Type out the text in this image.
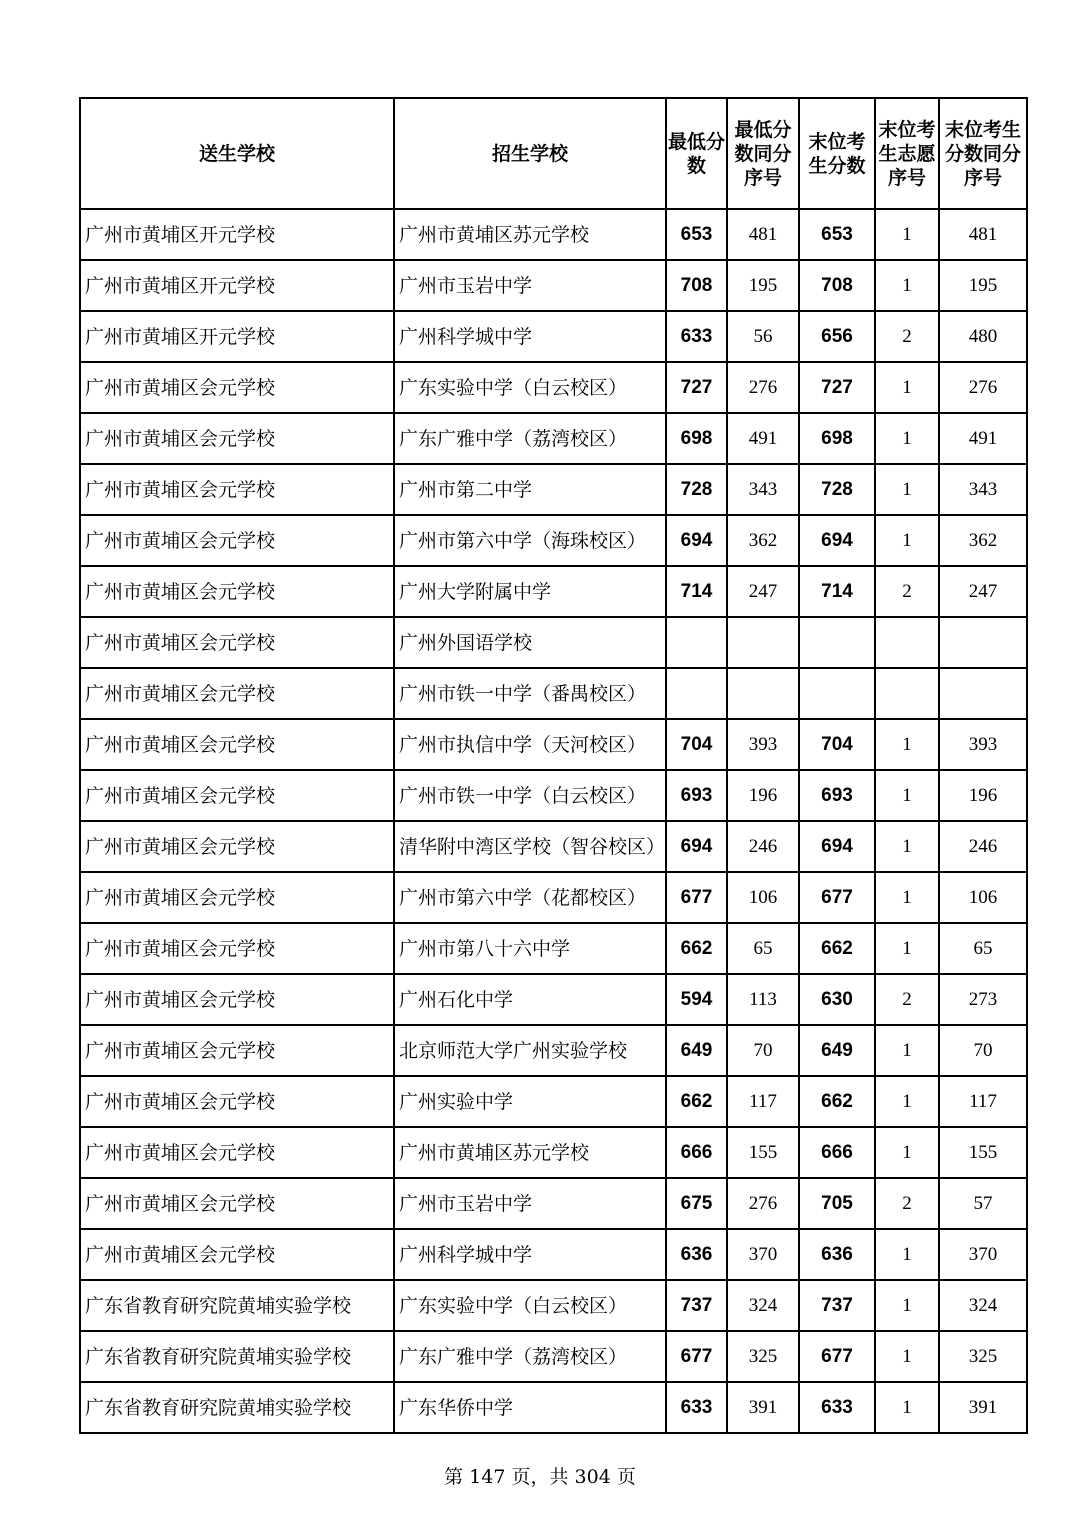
送生学校	招生学校	最低分数	最低分数同分序号	末位考生分数	末位考生志愿序号	末位考生分数同分序号
广州市黄埔区开元学校	广州市黄埔区苏元学校	653	481	653	1	481
广州市黄埔区开元学校	广州市玉岩中学	708	195	708	1	195
广州市黄埔区开元学校	广州科学城中学	633	56	656	2	480
广州市黄埔区会元学校	广东实验中学（白云校区）	727	276	727	1	276
广州市黄埔区会元学校	广东广雅中学（荔湾校区）	698	491	698	1	491
广州市黄埔区会元学校	广州市第二中学	728	343	728	1	343
广州市黄埔区会元学校	广州市第六中学（海珠校区）	694	362	694	1	362
广州市黄埔区会元学校	广州大学附属中学	714	247	714	2	247
广州市黄埔区会元学校	广州外国语学校					
广州市黄埔区会元学校	广州市铁一中学（番禺校区）					
广州市黄埔区会元学校	广州市执信中学（天河校区）	704	393	704	1	393
广州市黄埔区会元学校	广州市铁一中学（白云校区）	693	196	693	1	196
广州市黄埔区会元学校	清华附中湾区学校（智谷校区）	694	246	694	1	246
广州市黄埔区会元学校	广州市第六中学（花都校区）	677	106	677	1	106
广州市黄埔区会元学校	广州市第八十六中学	662	65	662	1	65
广州市黄埔区会元学校	广州石化中学	594	113	630	2	273
广州市黄埔区会元学校	北京师范大学广州实验学校	649	70	649	1	70
广州市黄埔区会元学校	广州实验中学	662	117	662	1	117
广州市黄埔区会元学校	广州市黄埔区苏元学校	666	155	666	1	155
广州市黄埔区会元学校	广州市玉岩中学	675	276	705	2	57
广州市黄埔区会元学校	广州科学城中学	636	370	636	1	370
广东省教育研究院黄埔实验学校	广东实验中学（白云校区）	737	324	737	1	324
广东省教育研究院黄埔实验学校	广东广雅中学（荔湾校区）	677	325	677	1	325
广东省教育研究院黄埔实验学校	广东华侨中学	633	391	633	1	391
第 147 页，共 304 页
